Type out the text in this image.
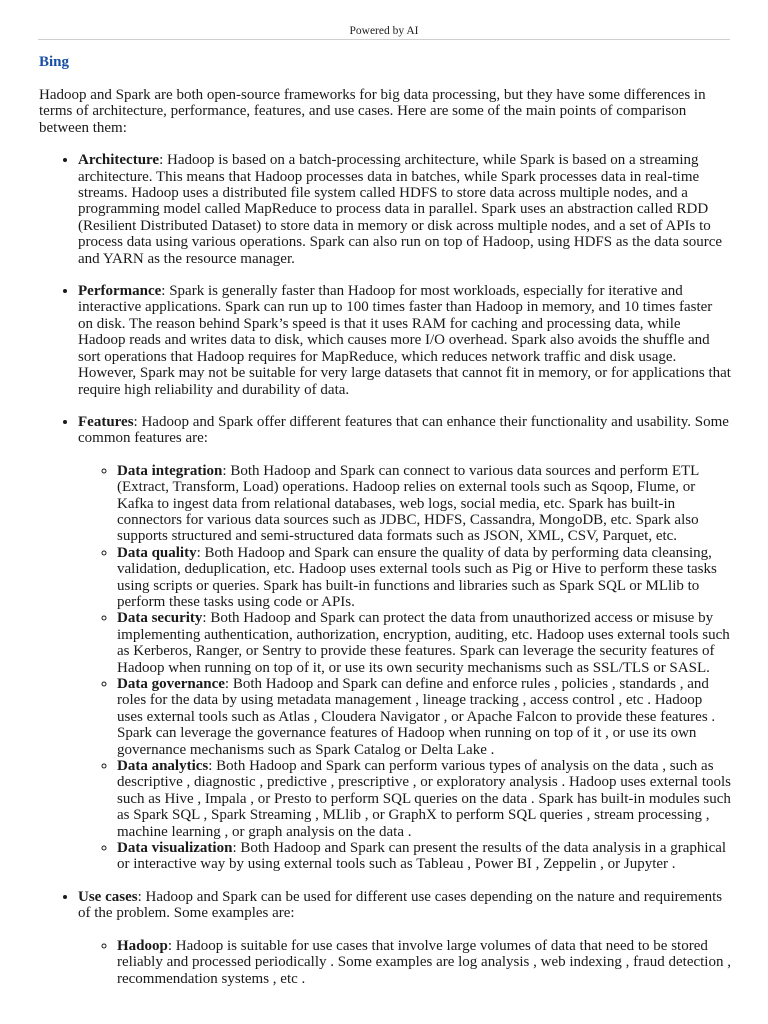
Powered by AI
Bing

Hadoop and Spark are both open-source frameworks for big data processing, but they have some differences in terms of architecture, performance, features, and use cases. Here are some of the main points of comparison between them:

• Architecture: Hadoop is based on a batch-processing architecture, while Spark is based on a streaming architecture. This means that Hadoop processes data in batches, while Spark processes data in real-time streams. Hadoop uses a distributed file system called HDFS to store data across multiple nodes, and a programming model called MapReduce to process data in parallel. Spark uses an abstraction called RDD (Resilient Distributed Dataset) to store data in memory or disk across multiple nodes, and a set of APIs to process data using various operations. Spark can also run on top of Hadoop, using HDFS as the data source and YARN as the resource manager.
• Performance: Spark is generally faster than Hadoop for most workloads, especially for iterative and interactive applications. Spark can run up to 100 times faster than Hadoop in memory, and 10 times faster on disk. The reason behind Spark’s speed is that it uses RAM for caching and processing data, while Hadoop reads and writes data to disk, which causes more I/O overhead. Spark also avoids the shuffle and sort operations that Hadoop requires for MapReduce, which reduces network traffic and disk usage. However, Spark may not be suitable for very large datasets that cannot fit in memory, or for applications that require high reliability and durability of data.
• Features: Hadoop and Spark offer different features that can enhance their functionality and usability. Some common features are:
◦ Data integration: Both Hadoop and Spark can connect to various data sources and perform ETL (Extract, Transform, Load) operations. Hadoop relies on external tools such as Sqoop, Flume, or Kafka to ingest data from relational databases, web logs, social media, etc. Spark has built-in connectors for various data sources such as JDBC, HDFS, Cassandra, MongoDB, etc. Spark also supports structured and semi-structured data formats such as JSON, XML, CSV, Parquet, etc.
◦ Data quality: Both Hadoop and Spark can ensure the quality of data by performing data cleansing, validation, deduplication, etc. Hadoop uses external tools such as Pig or Hive to perform these tasks using scripts or queries. Spark has built-in functions and libraries such as Spark SQL or MLlib to perform these tasks using code or APIs.
◦ Data security: Both Hadoop and Spark can protect the data from unauthorized access or misuse by implementing authentication, authorization, encryption, auditing, etc. Hadoop uses external tools such as Kerberos, Ranger, or Sentry to provide these features. Spark can leverage the security features of Hadoop when running on top of it, or use its own security mechanisms such as SSL/TLS or SASL.
◦ Data governance: Both Hadoop and Spark can define and enforce rules , policies , standards , and roles for the data by using metadata management , lineage tracking , access control , etc . Hadoop uses external tools such as Atlas , Cloudera Navigator , or Apache Falcon to provide these features . Spark can leverage the governance features of Hadoop when running on top of it , or use its own governance mechanisms such as Spark Catalog or Delta Lake .
◦ Data analytics: Both Hadoop and Spark can perform various types of analysis on the data , such as descriptive , diagnostic , predictive , prescriptive , or exploratory analysis . Hadoop uses external tools such as Hive , Impala , or Presto to perform SQL queries on the data . Spark has built-in modules such as Spark SQL , Spark Streaming , MLlib , or GraphX to perform SQL queries , stream processing , machine learning , or graph analysis on the data .
◦ Data visualization: Both Hadoop and Spark can present the results of the data analysis in a graphical or interactive way by using external tools such as Tableau , Power BI , Zeppelin , or Jupyter .
• Use cases: Hadoop and Spark can be used for different use cases depending on the nature and requirements of the problem. Some examples are:
◦ Hadoop: Hadoop is suitable for use cases that involve large volumes of data that need to be stored reliably and processed periodically . Some examples are log analysis , web indexing , fraud detection , recommendation systems , etc .
